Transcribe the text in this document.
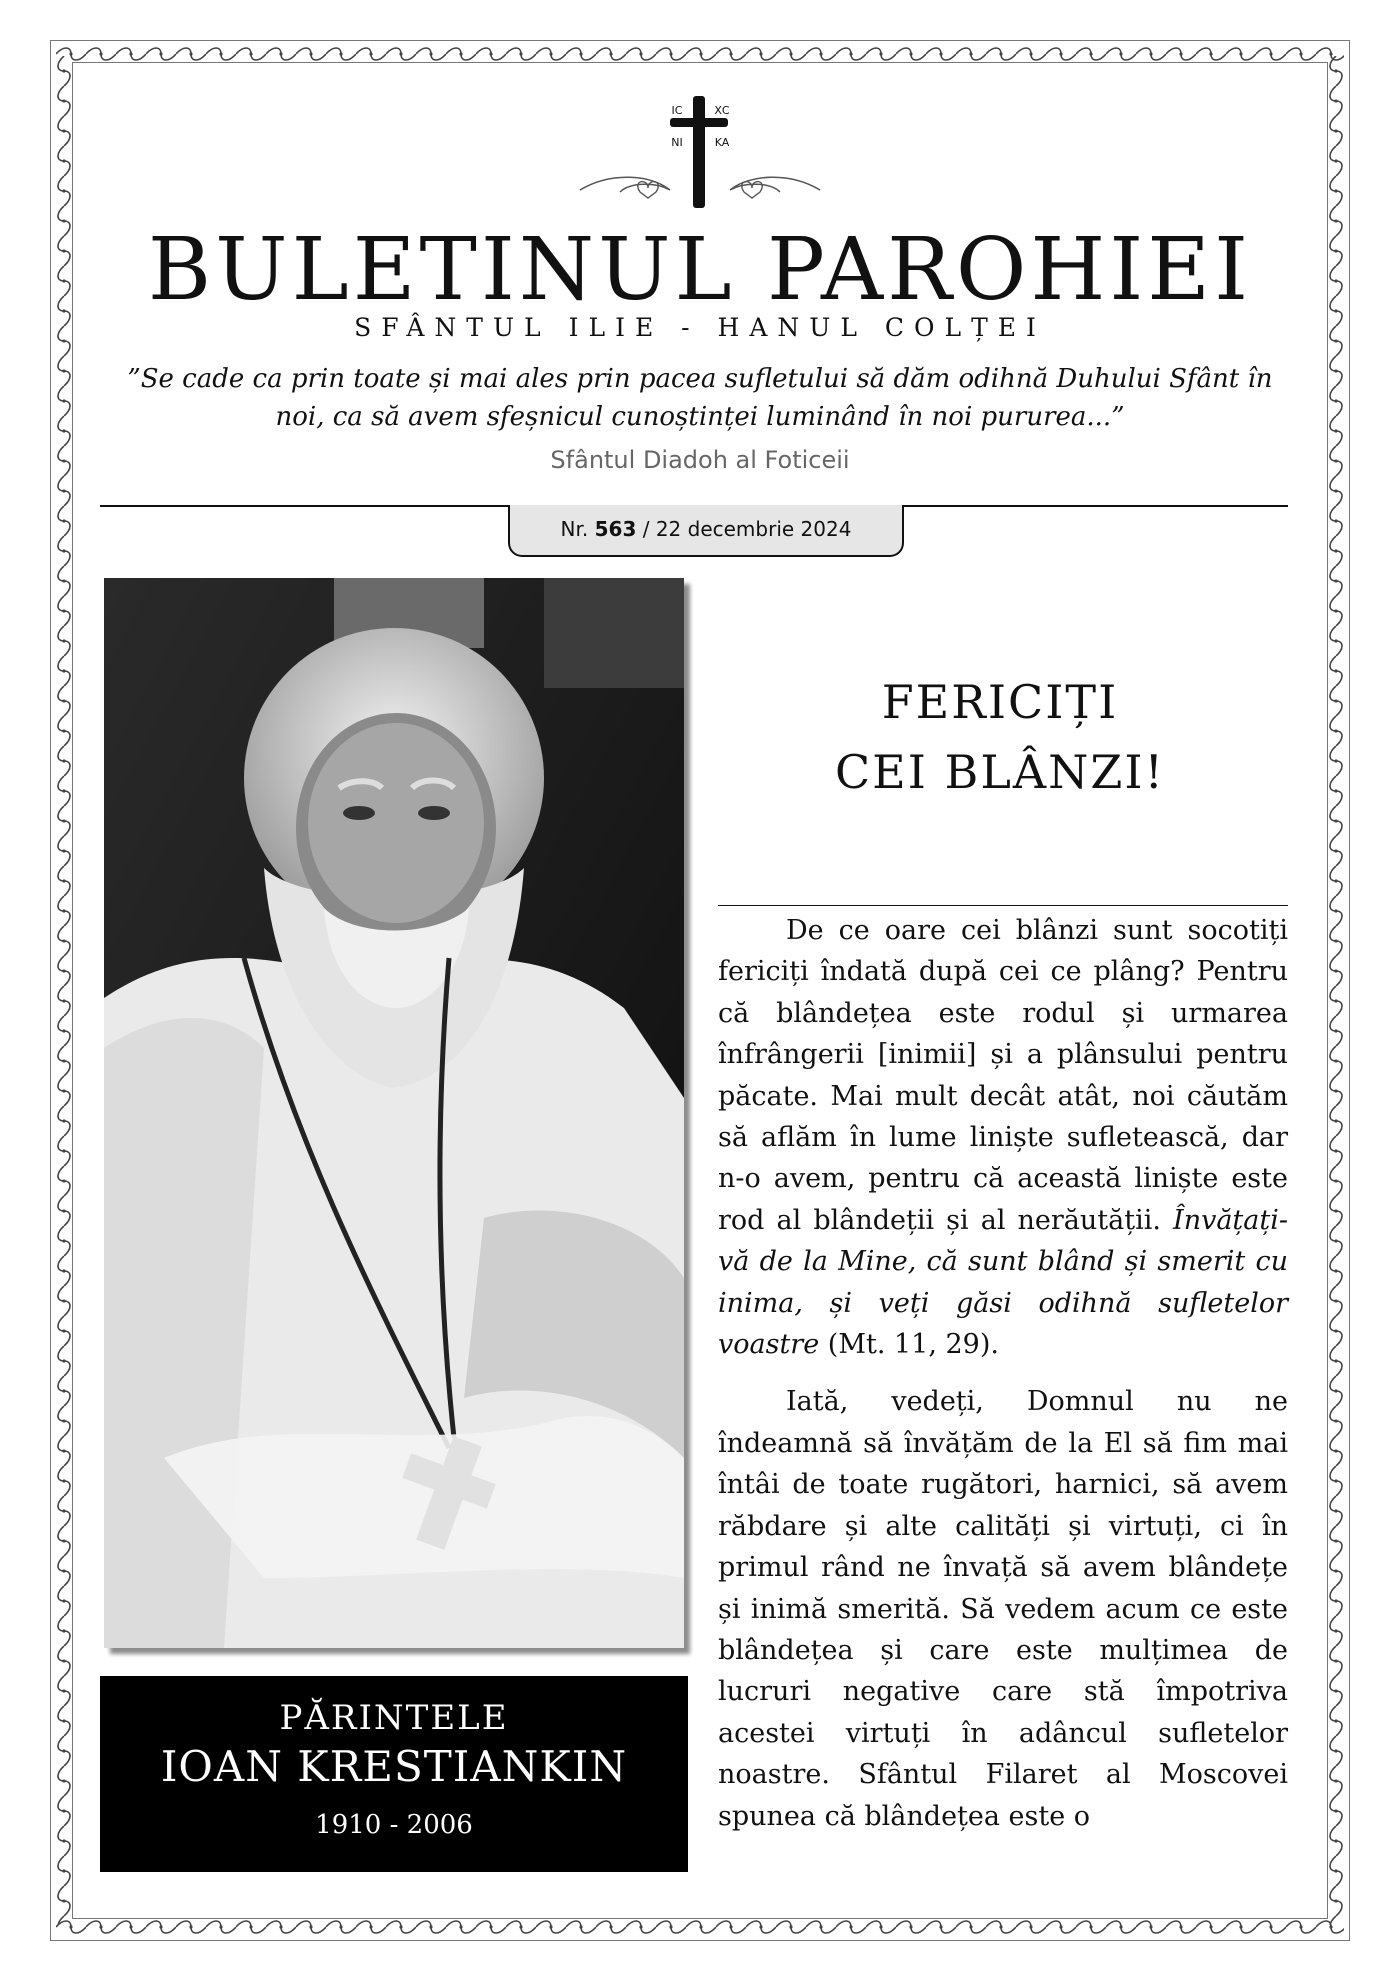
IC	ХС
NI	KA
BULETINUL PAROHIEI
SFÂNTUL ILIE - HANUL COLȚEI
”Se cade ca prin toate și mai ales prin pacea sufletului să dăm odihnă Duhului Sfânt în noi, ca să avem sfeșnicul cunoștinței luminând în noi pururea...”
Sfântul Diadoh al Foticeii
Nr. 563 / 22 decembrie 2024
PĂRINTELE
IOAN KRESTIANKIN
1910 - 2006
FERICIȚI
CEI BLÂNZI!

De ce oare cei blânzi sunt socotiți fericiți îndată după cei ce plâng? Pentru că blândețea este rodul și urmarea înfrângerii [inimii] și a plânsului pentru păcate. Mai mult decât atât, noi căutăm să aflăm în lume liniște sufletească, dar n-o avem, pentru că această liniște este rod al blândeții și al nerăutății. Învățați-vă de la Mine, că sunt blând și smerit cu inima, și veți găsi odihnă sufletelor voastre (Mt. 11, 29).

Iată, vedeți, Domnul nu ne îndeamnă să învățăm de la El să fim mai întâi de toate rugători, harnici, să avem răbdare și alte calități și virtuți, ci în primul rând ne învață să avem blândețe și inimă smerită. Să vedem acum ce este blândețea și care este mulțimea de lucruri negative care stă împotriva acestei virtuți în adâncul sufletelor noastre. Sfântul Filaret al Moscovei spunea că blândețea este o
